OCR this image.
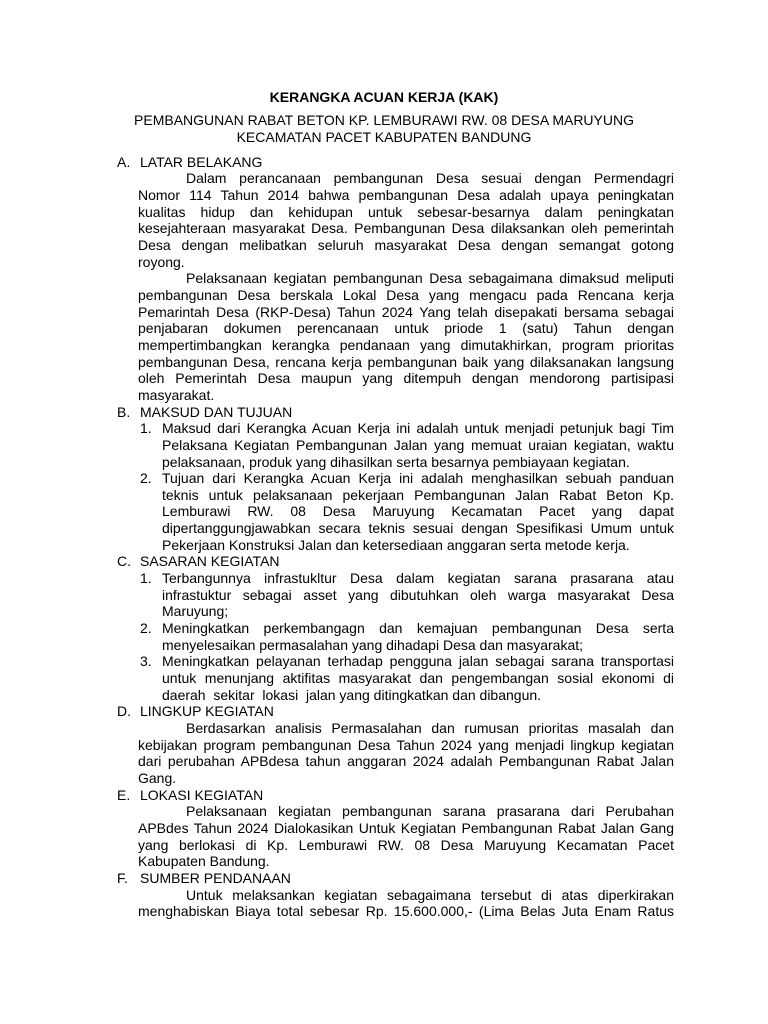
KERANGKA ACUAN KERJA (KAK)
PEMBANGUNAN RABAT BETON KP. LEMBURAWI RW. 08 DESA MARUYUNG
KECAMATAN PACET KABUPATEN BANDUNG
A. LATAR BELAKANG
Dalam perancanaan pembangunan Desa sesuai dengan Permendagri
Nomor 114 Tahun 2014 bahwa pembangunan Desa adalah upaya peningkatan
kualitas hidup dan kehidupan untuk sebesar-besarnya dalam peningkatan
kesejahteraan masyarakat Desa. Pembangunan Desa dilaksankan oleh pemerintah
Desa dengan melibatkan seluruh masyarakat Desa dengan semangat gotong
royong.
Pelaksanaan kegiatan pembangunan Desa sebagaimana dimaksud meliputi
pembangunan Desa berskala Lokal Desa yang mengacu pada Rencana kerja
Pemarintah Desa (RKP-Desa) Tahun 2024 Yang telah disepakati bersama sebagai
penjabaran dokumen perencanaan untuk priode 1 (satu) Tahun dengan
mempertimbangkan kerangka pendanaan yang dimutakhirkan, program prioritas
pembangunan Desa, rencana kerja pembangunan baik yang dilaksanakan langsung
oleh Pemerintah Desa maupun yang ditempuh dengan mendorong partisipasi
masyarakat.
B. MAKSUD DAN TUJUAN
1. Maksud dari Kerangka Acuan Kerja ini adalah untuk menjadi petunjuk bagi Tim
Pelaksana Kegiatan Pembangunan Jalan yang memuat uraian kegiatan, waktu
pelaksanaan, produk yang dihasilkan serta besarnya pembiayaan kegiatan.
2. Tujuan dari Kerangka Acuan Kerja ini adalah menghasilkan sebuah panduan
teknis untuk pelaksanaan pekerjaan Pembangunan Jalan Rabat Beton Kp.
Lemburawi RW. 08 Desa Maruyung Kecamatan Pacet yang dapat
dipertanggungjawabkan secara teknis sesuai dengan Spesifikasi Umum untuk
Pekerjaan Konstruksi Jalan dan ketersediaan anggaran serta metode kerja.
C. SASARAN KEGIATAN
1. Terbangunnya infrastukltur Desa dalam kegiatan sarana prasarana atau
infrastuktur sebagai asset yang dibutuhkan oleh warga masyarakat Desa
Maruyung;
2. Meningkatkan perkembangagn dan kemajuan pembangunan Desa serta
menyelesaikan permasalahan yang dihadapi Desa dan masyarakat;
3. Meningkatkan pelayanan terhadap pengguna jalan sebagai sarana transportasi
untuk menunjang aktifitas masyarakat dan pengembangan sosial ekonomi di
daerah  sekitar  lokasi  jalan yang ditingkatkan dan dibangun.
D. LINGKUP KEGIATAN
Berdasarkan analisis Permasalahan dan rumusan prioritas masalah dan
kebijakan program pembangunan Desa Tahun 2024 yang menjadi lingkup kegiatan
dari perubahan APBdesa tahun anggaran 2024 adalah Pembangunan Rabat Jalan
Gang.
E. LOKASI KEGIATAN
Pelaksanaan kegiatan pembangunan sarana prasarana dari Perubahan
APBdes Tahun 2024 Dialokasikan Untuk Kegiatan Pembangunan Rabat Jalan Gang
yang berlokasi di Kp. Lemburawi RW. 08 Desa Maruyung Kecamatan Pacet
Kabupaten Bandung.
F. SUMBER PENDANAAN
Untuk melaksankan kegiatan sebagaimana tersebut di atas diperkirakan
menghabiskan Biaya total sebesar Rp. 15.600.000,- (Lima Belas Juta Enam Ratus
